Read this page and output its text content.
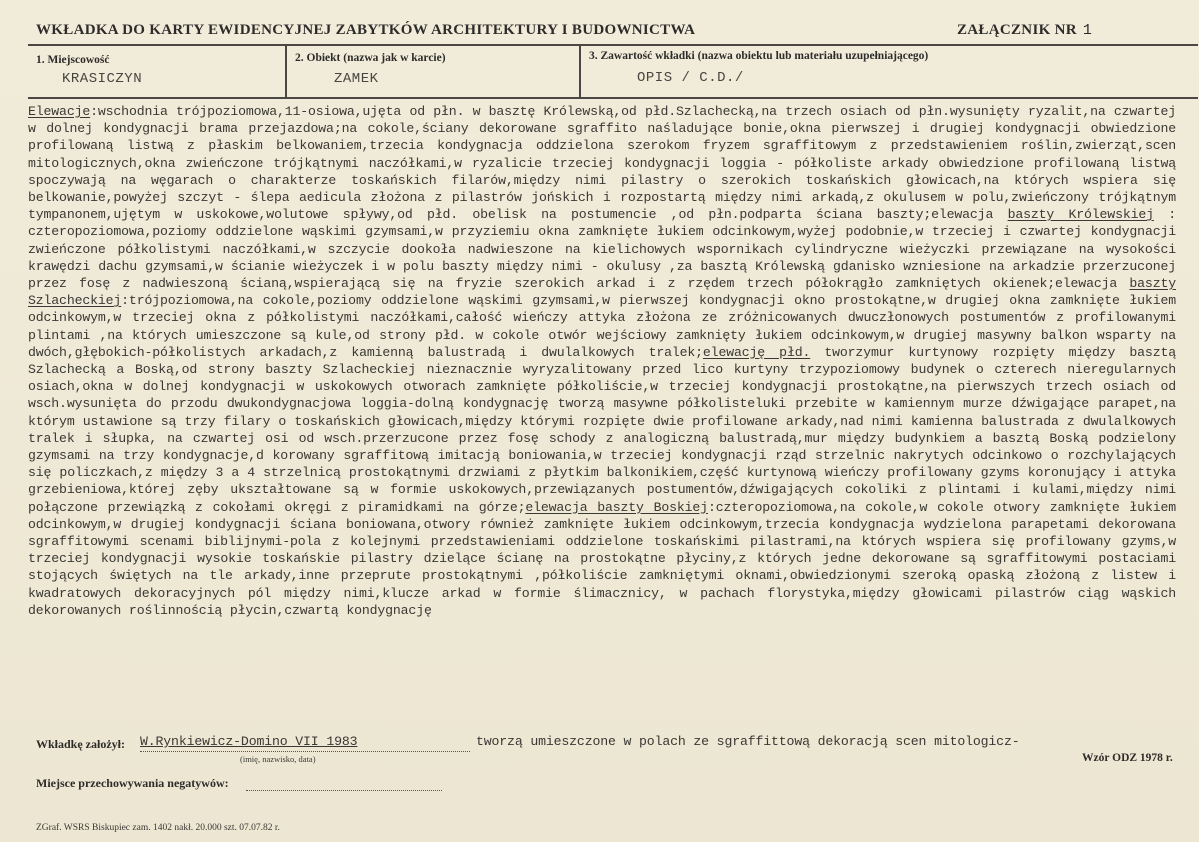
WKŁADKA DO KARTY EWIDENCYJNEJ ZABYTKÓW ARCHITEKTURY I BUDOWNICTWA	ZAŁĄCZNIK NR 1
1. Miejscowość
KRASICZYN
2. Obiekt (nazwa jak w karcie)
ZAMEK
3. Zawartość wkładki (nazwa obiektu lub materiału uzupełniającego)
OPIS / C.D./

Elewacje:wschodnia trójpoziomowa,11-osiowa,ujęta od płn. w basztę Królewską,od płd.Szlachecką,na trzech osiach od płn.wysunięty ryzalit,na czwartej w dolnej kondygnacji brama przejazdowa;na cokole,ściany dekorowane sgraffito naśladujące bonie,okna pierwszej i drugiej kondygnacji obwiedzione profilowaną listwą z płaskim belkowaniem,trzecia kondygnacja oddzielona szerokom fryzem sgraffitowym z przedstawieniem roślin,zwierząt,scen mitologicznych,okna zwieńczone trójkątnymi naczółkami,w ryzalicie trzeciej kondygnacji loggia - półkoliste arkady obwiedzione profilowaną listwą spoczywają na węgarach o charakterze toskańskich filarów,między nimi pilastry o szerokich toskańskich głowicach,na których wspiera się belkowanie,powyżej szczyt - ślepa aedicula złożona z pilastrów jońskich i rozpostartą między nimi arkadą,z okulusem w polu,zwieńczony trójkątnym tympanonem,ujętym w uskokowe,wolutowe spływy,od płd. obelisk na postumencie ,od płn.podparta ściana baszty;elewacja baszty Królewskiej : czteropoziomowa,poziomy oddzielone wąskimi gzymsami,w przyziemiu okna zamknięte łukiem odcinkowym,wyżej podobnie,w trzeciej i czwartej kondygnacji zwieńczone półkolistymi naczółkami,w szczycie dookoła nadwieszone na kielichowych wspornikach cylindryczne wieżyczki przewiązane na wysokości krawędzi dachu gzymsami,w ścianie wieżyczek i w polu baszty między nimi - okulusy ,za basztą Królewską gdanisko wzniesione na arkadzie przerzuconej przez fosę z nadwieszoną ścianą,wspierającą się na fryzie szerokich arkad i z rzędem trzech półokrągło zamkniętych okienek;elewacja baszty Szlacheckiej:trójpoziomowa,na cokole,poziomy oddzielone wąskimi gzymsami,w pierwszej kondygnacji okno prostokątne,w drugiej okna zamknięte łukiem odcinkowym,w trzeciej okna z półkolistymi naczółkami,całość wieńczy attyka złożona ze zróżnicowanych dwuczłonowych postumentów z profilowanymi plintami ,na których umieszczone są kule,od strony płd. w cokole otwór wejściowy zamknięty łukiem odcinkowym,w drugiej masywny balkon wsparty na dwóch,głębokich-półkolistych arkadach,z kamienną balustradą i dwulalkowych tralek;elewację płd. tworzymur kurtynowy rozpięty między basztą Szlachecką a Boską,od strony baszty Szlacheckiej nieznacznie wyryzalitowany przed lico kurtyny trzypoziomowy budynek o czterech nieregularnych osiach,okna w dolnej kondygnacji w uskokowych otworach zamknięte półkoliście,w trzeciej kondygnacji prostokątne,na pierwszych trzech osiach od wsch.wysunięta do przodu dwukondygnacjowa loggia-dolną kondygnację tworzą masywne półkolisteluki przebite w kamiennym murze dźwigające parapet,na którym ustawione są trzy filary o toskańskich głowicach,między którymi rozpięte dwie profilowane arkady,nad nimi kamienna balustrada z dwulalkowych tralek i słupka, na czwartej osi od wsch.przerzucone przez fosę schody z analogiczną balustradą,mur między budynkiem a basztą Boską podzielony gzymsami na trzy kondygnacje,d korowany sgraffitową imitacją boniowania,w trzeciej kondygnacji rząd strzelnic nakrytych odcinkowo o rozchylających się policzkach,z między 3 a 4 strzelnicą prostokątnymi drzwiami z płytkim balkonikiem,część kurtynową wieńczy profilowany gzyms koronujący i attyka grzebieniowa,której zęby ukształtowane są w formie uskokowych,przewiązanych postumentów,dźwigających cokoliki z plintami i kulami,między nimi połączone przewiązką z cokołami okręgi z piramidkami na górze;elewacja baszty Boskiej:czteropoziomowa,na cokole,w cokole otwory zamknięte łukiem odcinkowym,w drugiej kondygnacji ściana boniowana,otwory również zamknięte łukiem odcinkowym,trzecia kondygnacja wydzielona parapetami dekorowana sgraffitowymi scenami biblijnymi-pola z kolejnymi przedstawieniami oddzielone toskańskimi pilastrami,na których wspiera się profilowany gzyms,w trzeciej kondygnacji wysokie toskańskie pilastry dzielące ścianę na prostokątne płyciny,z których jedne dekorowane są sgraffitowymi postaciami stojących świętych na tle arkady,inne przeprute prostokątnymi ,półkoliście zamkniętymi oknami,obwiedzionymi szeroką opaską złożoną z listew i kwadratowych dekoracyjnych pól między nimi,klucze arkad w formie ślimacznicy, w pachach florystyka,między głowicami pilastrów ciąg wąskich dekorowanych roślinnością płycin,czwartą kondygnację

Wkładkę założył: W.Rynkiewicz-Domino VII 1983	tworzą umieszczone w polach ze sgraffittową dekoracją scen mitologicz-
(imię, nazwisko, data)	Wzór ODZ 1978 r.
Miejsce przechowywania negatywów:
ZGraf. WSRS Biskupiec zam. 1402 nakł. 20.000 szt. 07.07.82 r.
